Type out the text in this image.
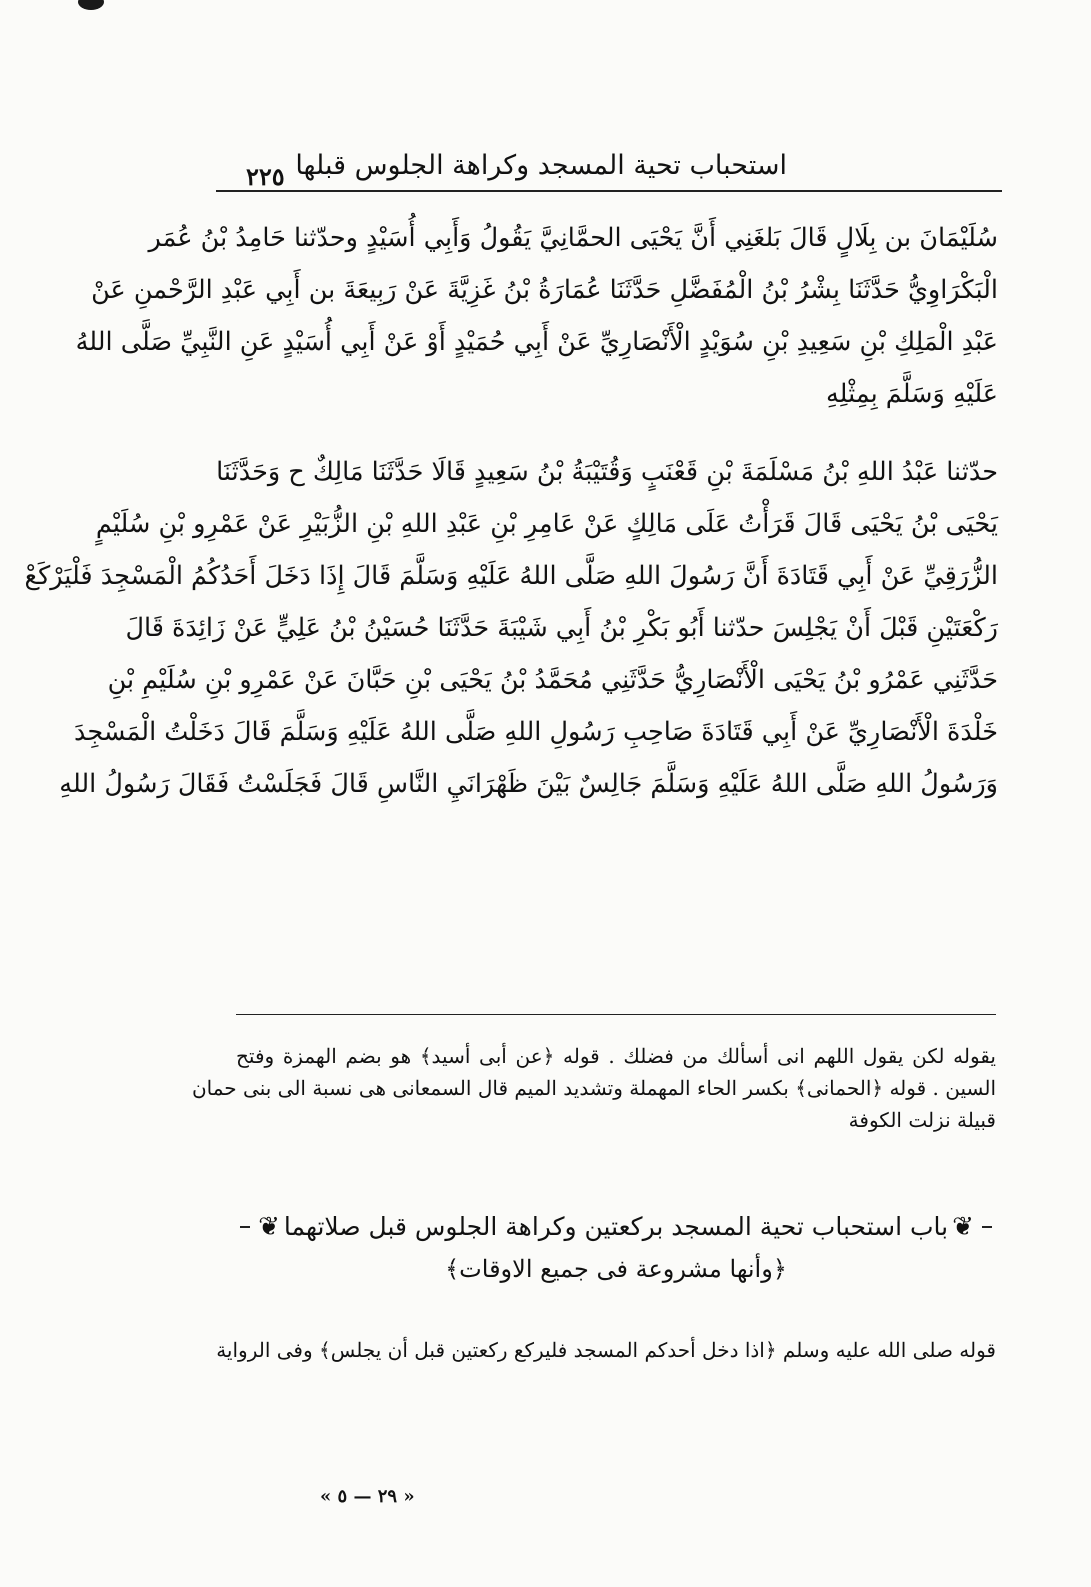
استحباب تحية المسجد وكراهة الجلوس قبلها
٢٢٥
سُلَيْمَانَ بن بِلَالٍ قَالَ بَلغَنِي أَنَّ يَحْيَى الحمَّانِيَّ يَقُولُ وَأَبِي أُسَيْدٍ وحدّثنا حَامِدُ بْنُ عُمَر
الْبَكْرَاوِيُّ حَدَّثَنَا بِشْرُ بْنُ الْمُفَضَّلِ حَدَّثَنَا عُمَارَةُ بْنُ غَزِيَّةَ عَنْ رَبِيعَةَ بن أَبِي عَبْدِ الرَّحْمنِ عَنْ
عَبْدِ الْمَلِكِ بْنِ سَعِيدِ بْنِ سُوَيْدٍ الْأَنْصَارِيِّ عَنْ أَبِي حُمَيْدٍ أَوْ عَنْ أَبِي أُسَيْدٍ عَنِ النَّبِيِّ صَلَّى اللهُ
عَلَيْهِ وَسَلَّمَ بِمِثْلِهِ
حدّثنا عَبْدُ اللهِ بْنُ مَسْلَمَةَ بْنِ قَعْنَبٍ وَقُتَيْبَةُ بْنُ سَعِيدٍ قَالَا حَدَّثَنَا مَالِكٌ ح وَحَدَّثَنَا
يَحْيَى بْنُ يَحْيَى قَالَ قَرَأْتُ عَلَى مَالِكٍ عَنْ عَامِرِ بْنِ عَبْدِ اللهِ بْنِ الزُّبَيْرِ عَنْ عَمْرِو بْنِ سُلَيْمٍ
الزُّرَقِيِّ عَنْ أَبِي قَتَادَةَ أَنَّ رَسُولَ اللهِ صَلَّى اللهُ عَلَيْهِ وَسَلَّمَ قَالَ إِذَا دَخَلَ أَحَدُكُمُ الْمَسْجِدَ فَلْيَرْكَعْ
رَكْعَتَيْنِ قَبْلَ أَنْ يَجْلِسَ حدّثنا أَبُو بَكْرِ بْنُ أَبِي شَيْبَةَ حَدَّثَنَا حُسَيْنُ بْنُ عَلِيٍّ عَنْ زَائِدَةَ قَالَ
حَدَّثَنِي عَمْرُو بْنُ يَحْيَى الْأَنْصَارِيُّ حَدَّثَنِي مُحَمَّدُ بْنُ يَحْيَى بْنِ حَبَّانَ عَنْ عَمْرِو بْنِ سُلَيْمِ بْنِ
خَلْدَةَ الْأَنْصَارِيِّ عَنْ أَبِي قَتَادَةَ صَاحِبِ رَسُولِ اللهِ صَلَّى اللهُ عَلَيْهِ وَسَلَّمَ قَالَ دَخَلْتُ الْمَسْجِدَ
وَرَسُولُ اللهِ صَلَّى اللهُ عَلَيْهِ وَسَلَّمَ جَالِسٌ بَيْنَ ظَهْرَانَيِ النَّاسِ قَالَ فَجَلَسْتُ فَقَالَ رَسُولُ اللهِ
يقوله لكن يقول اللهم انى أسألك من فضلك . قوله ﴿عن أبى أسيد﴾ هو بضم الهمزة وفتح
السين . قوله ﴿الحمانى﴾ بكسر الحاء المهملة وتشديد الميم قال السمعانى هى نسبة الى بنى حمان
قبيلة نزلت الكوفة
❦
باب استحباب تحية المسجد بركعتين وكراهة الجلوس قبل صلاتهما
❦
﴿وأنها مشروعة فى جميع الاوقات﴾
قوله صلى الله عليه وسلم ﴿اذا دخل أحدكم المسجد فليركع ركعتين قبل أن يجلس﴾ وفى الرواية
« ٢٩ — ٥ »
